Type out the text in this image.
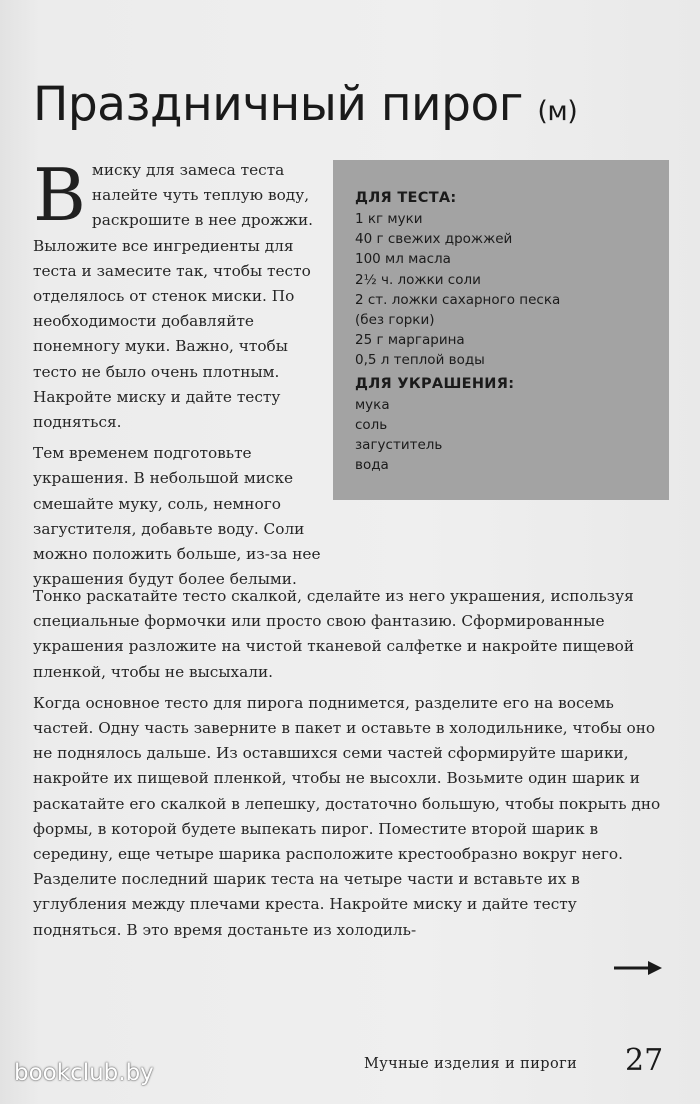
Праздничный пирог (м)

В миску для замеса теста налейте чуть теплую воду, раскрошите в нее дрожжи. Выложите все ингредиенты для теста и замесите так, чтобы тесто отделялось от стенок миски. По необходимости добавляйте понемногу муки. Важно, чтобы тесто не было очень плотным. Накройте миску и дайте тесту подняться.

Тем временем подготовьте украшения. В небольшой миске смешайте муку, соль, немного загустителя, добавьте воду. Соли можно положить больше, из-за нее украшения будут более белыми.

ДЛЯ ТЕСТА:
1 кг муки
40 г свежих дрожжей
100 мл масла
2½ ч. ложки соли
2 ст. ложки сахарного песка
(без горки)
25 г маргарина
0,5 л теплой воды
ДЛЯ УКРАШЕНИЯ:
мука
соль
загуститель
вода

Тонко раскатайте тесто скалкой, сделайте из него украшения, используя специальные формочки или просто свою фантазию. Сформированные украшения разложите на чистой тканевой салфетке и накройте пищевой пленкой, чтобы не высыхали.

Когда основное тесто для пирога поднимется, разделите его на восемь частей. Одну часть заверните в пакет и оставьте в холодильнике, чтобы оно не поднялось дальше. Из оставшихся семи частей сформируйте шарики, накройте их пищевой пленкой, чтобы не высохли. Возьмите один шарик и раскатайте его скалкой в лепешку, достаточно большую, чтобы покрыть дно формы, в которой будете выпекать пирог. Поместите второй шарик в середину, еще четыре шарика расположите крестообразно вокруг него. Разделите последний шарик теста на четыре части и вставьте их в углубления между плечами креста. Накройте миску и дайте тесту подняться. В это время достаньте из холодиль-

Мучные изделия и пироги 27
bookclub.by
